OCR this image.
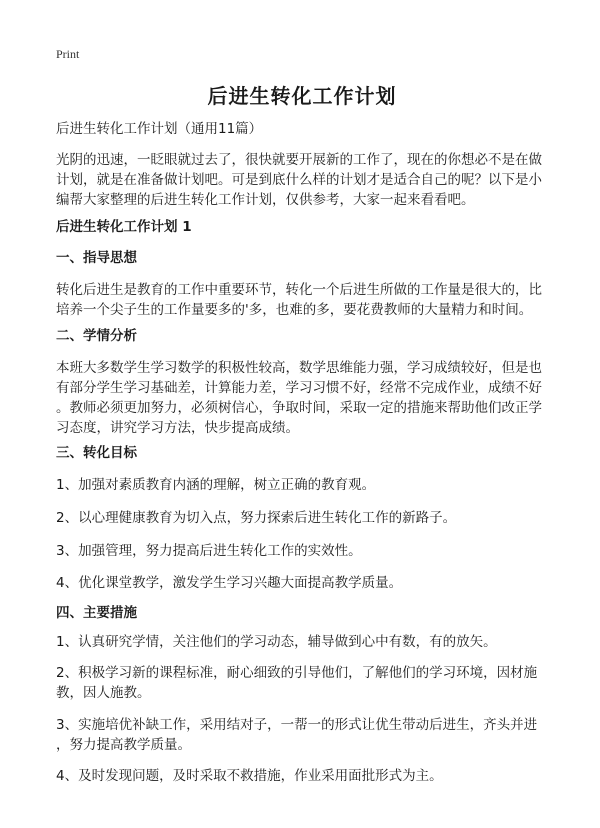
Print
后进生转化工作计划
后进生转化工作计划（通用11篇）
光阴的迅速，一眨眼就过去了，很快就要开展新的工作了，现在的你想必不是在做
计划，就是在准备做计划吧。可是到底什么样的计划才是适合自己的呢？以下是小
编帮大家整理的后进生转化工作计划，仅供参考，大家一起来看看吧。
后进生转化工作计划 1
一、指导思想
转化后进生是教育的工作中重要环节，转化一个后进生所做的工作量是很大的，比
培养一个尖子生的工作量要多的'多，也难的多，要花费教师的大量精力和时间。
二、学情分析
本班大多数学生学习数学的积极性较高，数学思维能力强，学习成绩较好，但是也
有部分学生学习基础差，计算能力差，学习习惯不好，经常不完成作业，成绩不好
。教师必须更加努力，必须树信心，争取时间，采取一定的措施来帮助他们改正学
习态度，讲究学习方法，快步提高成绩。
三、转化目标
1、加强对素质教育内涵的理解，树立正确的教育观。
2、以心理健康教育为切入点，努力探索后进生转化工作的新路子。
3、加强管理，努力提高后进生转化工作的实效性。
4、优化课堂教学，激发学生学习兴趣大面提高教学质量。
四、主要措施
1、认真研究学情，关注他们的学习动态，辅导做到心中有数，有的放矢。
2、积极学习新的课程标准，耐心细致的引导他们，了解他们的学习环境，因材施
教，因人施教。
3、实施培优补缺工作，采用结对子，一帮一的形式让优生带动后进生，齐头并进
，努力提高教学质量。
4、及时发现问题，及时采取不救措施，作业采用面批形式为主。
